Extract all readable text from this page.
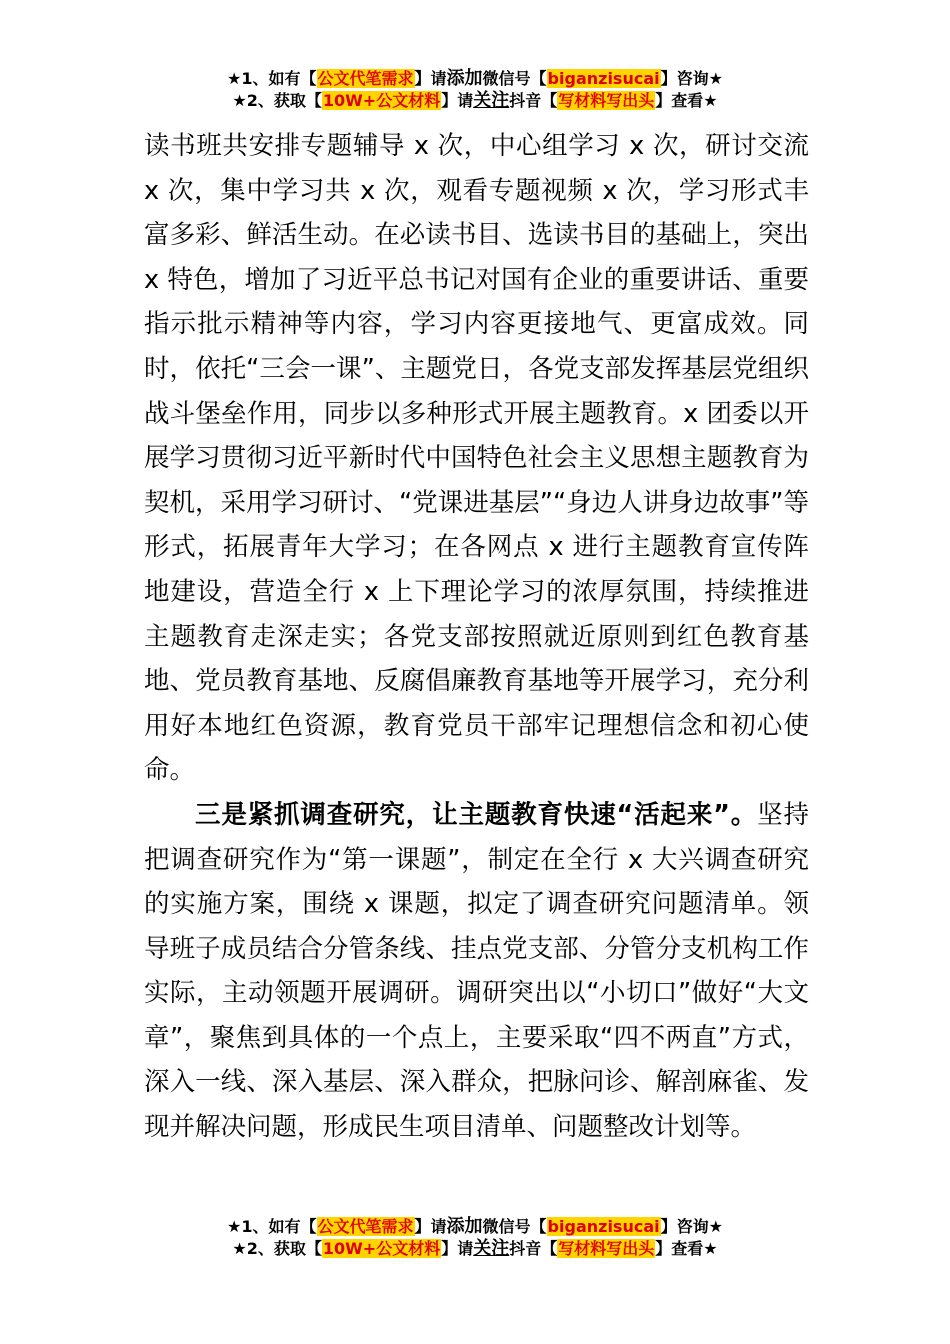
★1、如有【公文代笔需求】请添加微信号【biganzisucai】咨询★
★2、获取【10W+公文材料】请关注抖音【写材料写出头】查看★

读书班共安排专题辅导 x 次，中心组学习 x 次，研讨交流 x 次，集中学习共 x 次，观看专题视频 x 次，学习形式丰富多彩、鲜活生动。在必读书目、选读书目的基础上，突出 x 特色，增加了习近平总书记对国有企业的重要讲话、重要指示批示精神等内容，学习内容更接地气、更富成效。同时，依托“三会一课”、主题党日，各党支部发挥基层党组织战斗堡垒作用，同步以多种形式开展主题教育。x 团委以开展学习贯彻习近平新时代中国特色社会主义思想主题教育为契机，采用学习研讨、“党课进基层”“身边人讲身边故事”等形式，拓展青年大学习；在各网点 x 进行主题教育宣传阵地建设，营造全行 x 上下理论学习的浓厚氛围，持续推进主题教育走深走实；各党支部按照就近原则到红色教育基地、党员教育基地、反腐倡廉教育基地等开展学习，充分利用好本地红色资源，教育党员干部牢记理想信念和初心使命。

三是紧抓调查研究，让主题教育快速“活起来”。坚持把调查研究作为“第一课题”，制定在全行 x 大兴调查研究的实施方案，围绕 x 课题，拟定了调查研究问题清单。领导班子成员结合分管条线、挂点党支部、分管分支机构工作实际，主动领题开展调研。调研突出以“小切口”做好“大文章”，聚焦到具体的一个点上，主要采取“四不两直”方式，深入一线、深入基层、深入群众，把脉问诊、解剖麻雀、发现并解决问题，形成民生项目清单、问题整改计划等。

★1、如有【公文代笔需求】请添加微信号【biganzisucai】咨询★
★2、获取【10W+公文材料】请关注抖音【写材料写出头】查看★
